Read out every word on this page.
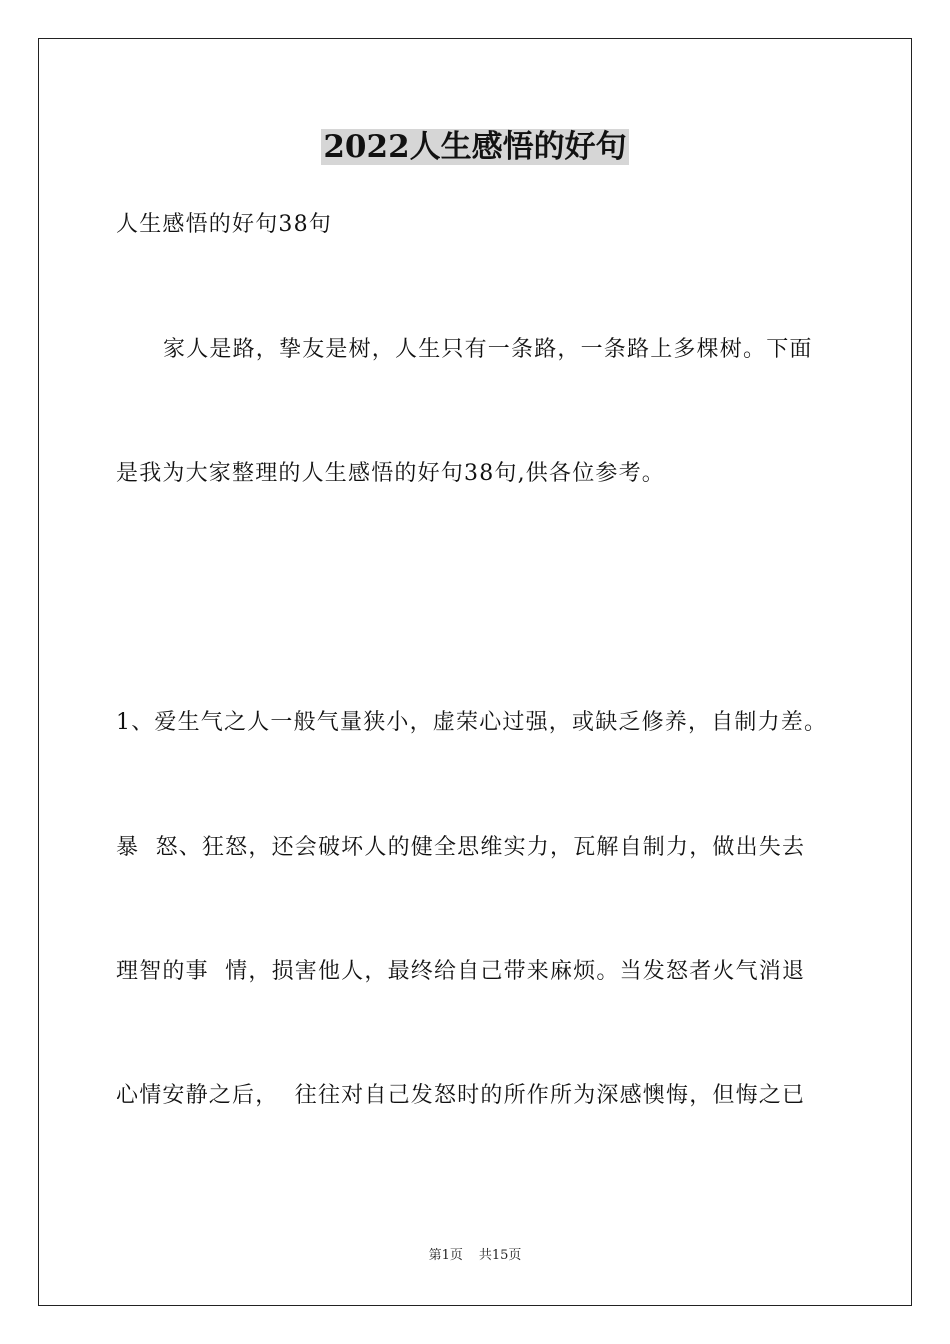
2022人生感悟的好句
人生感悟的好句38句
家人是路，挚友是树，人生只有一条路，一条路上多棵树。下面
是我为大家整理的人生感悟的好句38句,供各位参考。
1、爱生气之人一般气量狭小，虚荣心过强，或缺乏修养，自制力差。
暴  怒、狂怒，还会破坏人的健全思维实力，瓦解自制力，做出失去
理智的事  情，损害他人，最终给自己带来麻烦。当发怒者火气消退
心情安静之后，  往往对自己发怒时的所作所为深感懊悔，但悔之已
第1页 共15页
